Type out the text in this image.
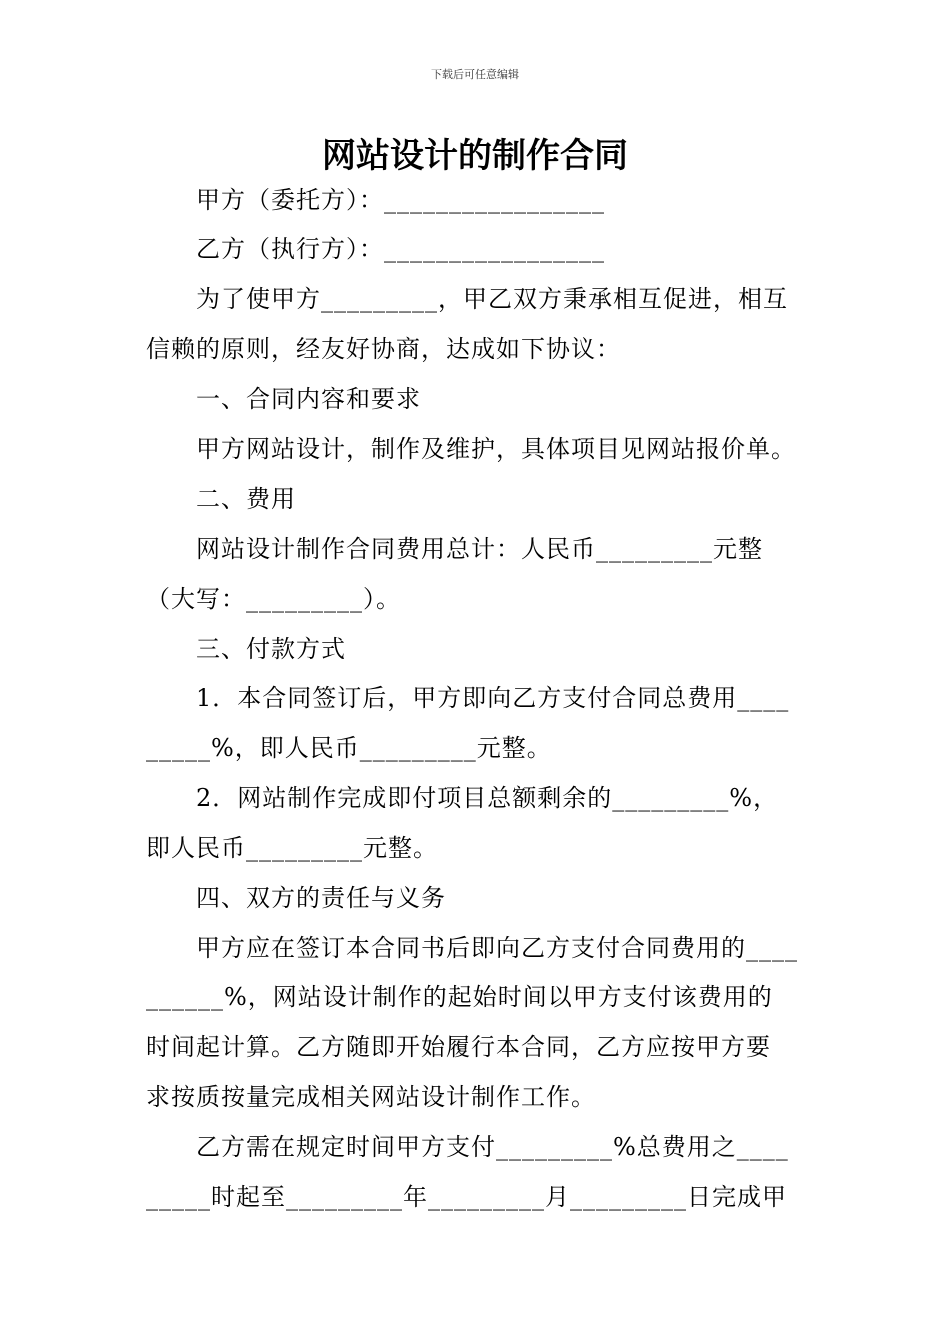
下载后可任意编辑
网站设计的制作合同
甲方（委托方）：_________________
乙方（执行方）：_________________
为了使甲方_________，甲乙双方秉承相互促进，相互
信赖的原则，经友好协商，达成如下协议：
一、合同内容和要求
甲方网站设计，制作及维护，具体项目见网站报价单。
二、费用
网站设计制作合同费用总计：人民币_________元整
（大写：_________）。
三、付款方式
1．本合同签订后，甲方即向乙方支付合同总费用____
_____%，即人民币_________元整。
2．网站制作完成即付项目总额剩余的_________%，
即人民币_________元整。
四、双方的责任与义务
甲方应在签订本合同书后即向乙方支付合同费用的____
______%，网站设计制作的起始时间以甲方支付该费用的
时间起计算。乙方随即开始履行本合同，乙方应按甲方要
求按质按量完成相关网站设计制作工作。
乙方需在规定时间甲方支付_________%总费用之____
_____时起至_________年_________月_________日完成甲
